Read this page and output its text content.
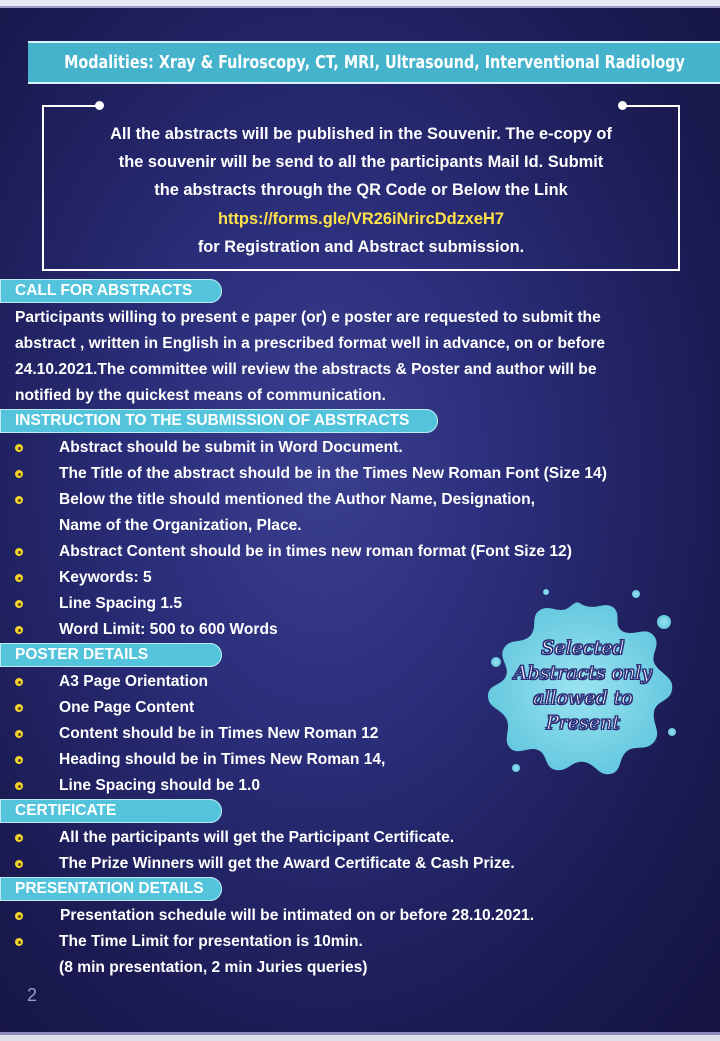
Modalities: Xray & Fulroscopy, CT, MRI, Ultrasound, Interventional Radiology
All the abstracts will be published in the Souvenir. The e-copy of
the souvenir will be send to all the participants Mail Id. Submit
the abstracts through the QR Code or Below the Link
https://forms.gle/VR26iNrircDdzxeH7
for Registration and Abstract submission.
CALL FOR ABSTRACTS
Participants willing to present e paper (or) e poster are requested to submit the
abstract , written in English in a prescribed format well in advance, on or before
24.10.2021.The committee will review the abstracts & Poster and author will be
notified by the quickest means of communication.
INSTRUCTION TO THE SUBMISSION OF ABSTRACTS
Abstract should be submit in Word Document.
The Title of the abstract should be in the Times New Roman Font (Size 14)
Below the title should mentioned the Author Name, Designation,
Name of the Organization, Place.
Abstract Content should be in times new roman format (Font Size 12)
Keywords: 5
Line Spacing 1.5
Word Limit: 500 to 600 Words
POSTER DETAILS
A3 Page Orientation
One Page Content
Content should be in Times New Roman 12
Heading should be in Times New Roman 14,
Line Spacing should be 1.0
CERTIFICATE
All the participants will get the Participant Certificate.
The Prize Winners will get the Award Certificate & Cash Prize.
PRESENTATION DETAILS
Presentation schedule will be intimated on or before 28.10.2021.
The Time Limit for presentation is 10min.
(8 min presentation, 2 min Juries queries)
Selected
Abstracts only
allowed to
Present
2
